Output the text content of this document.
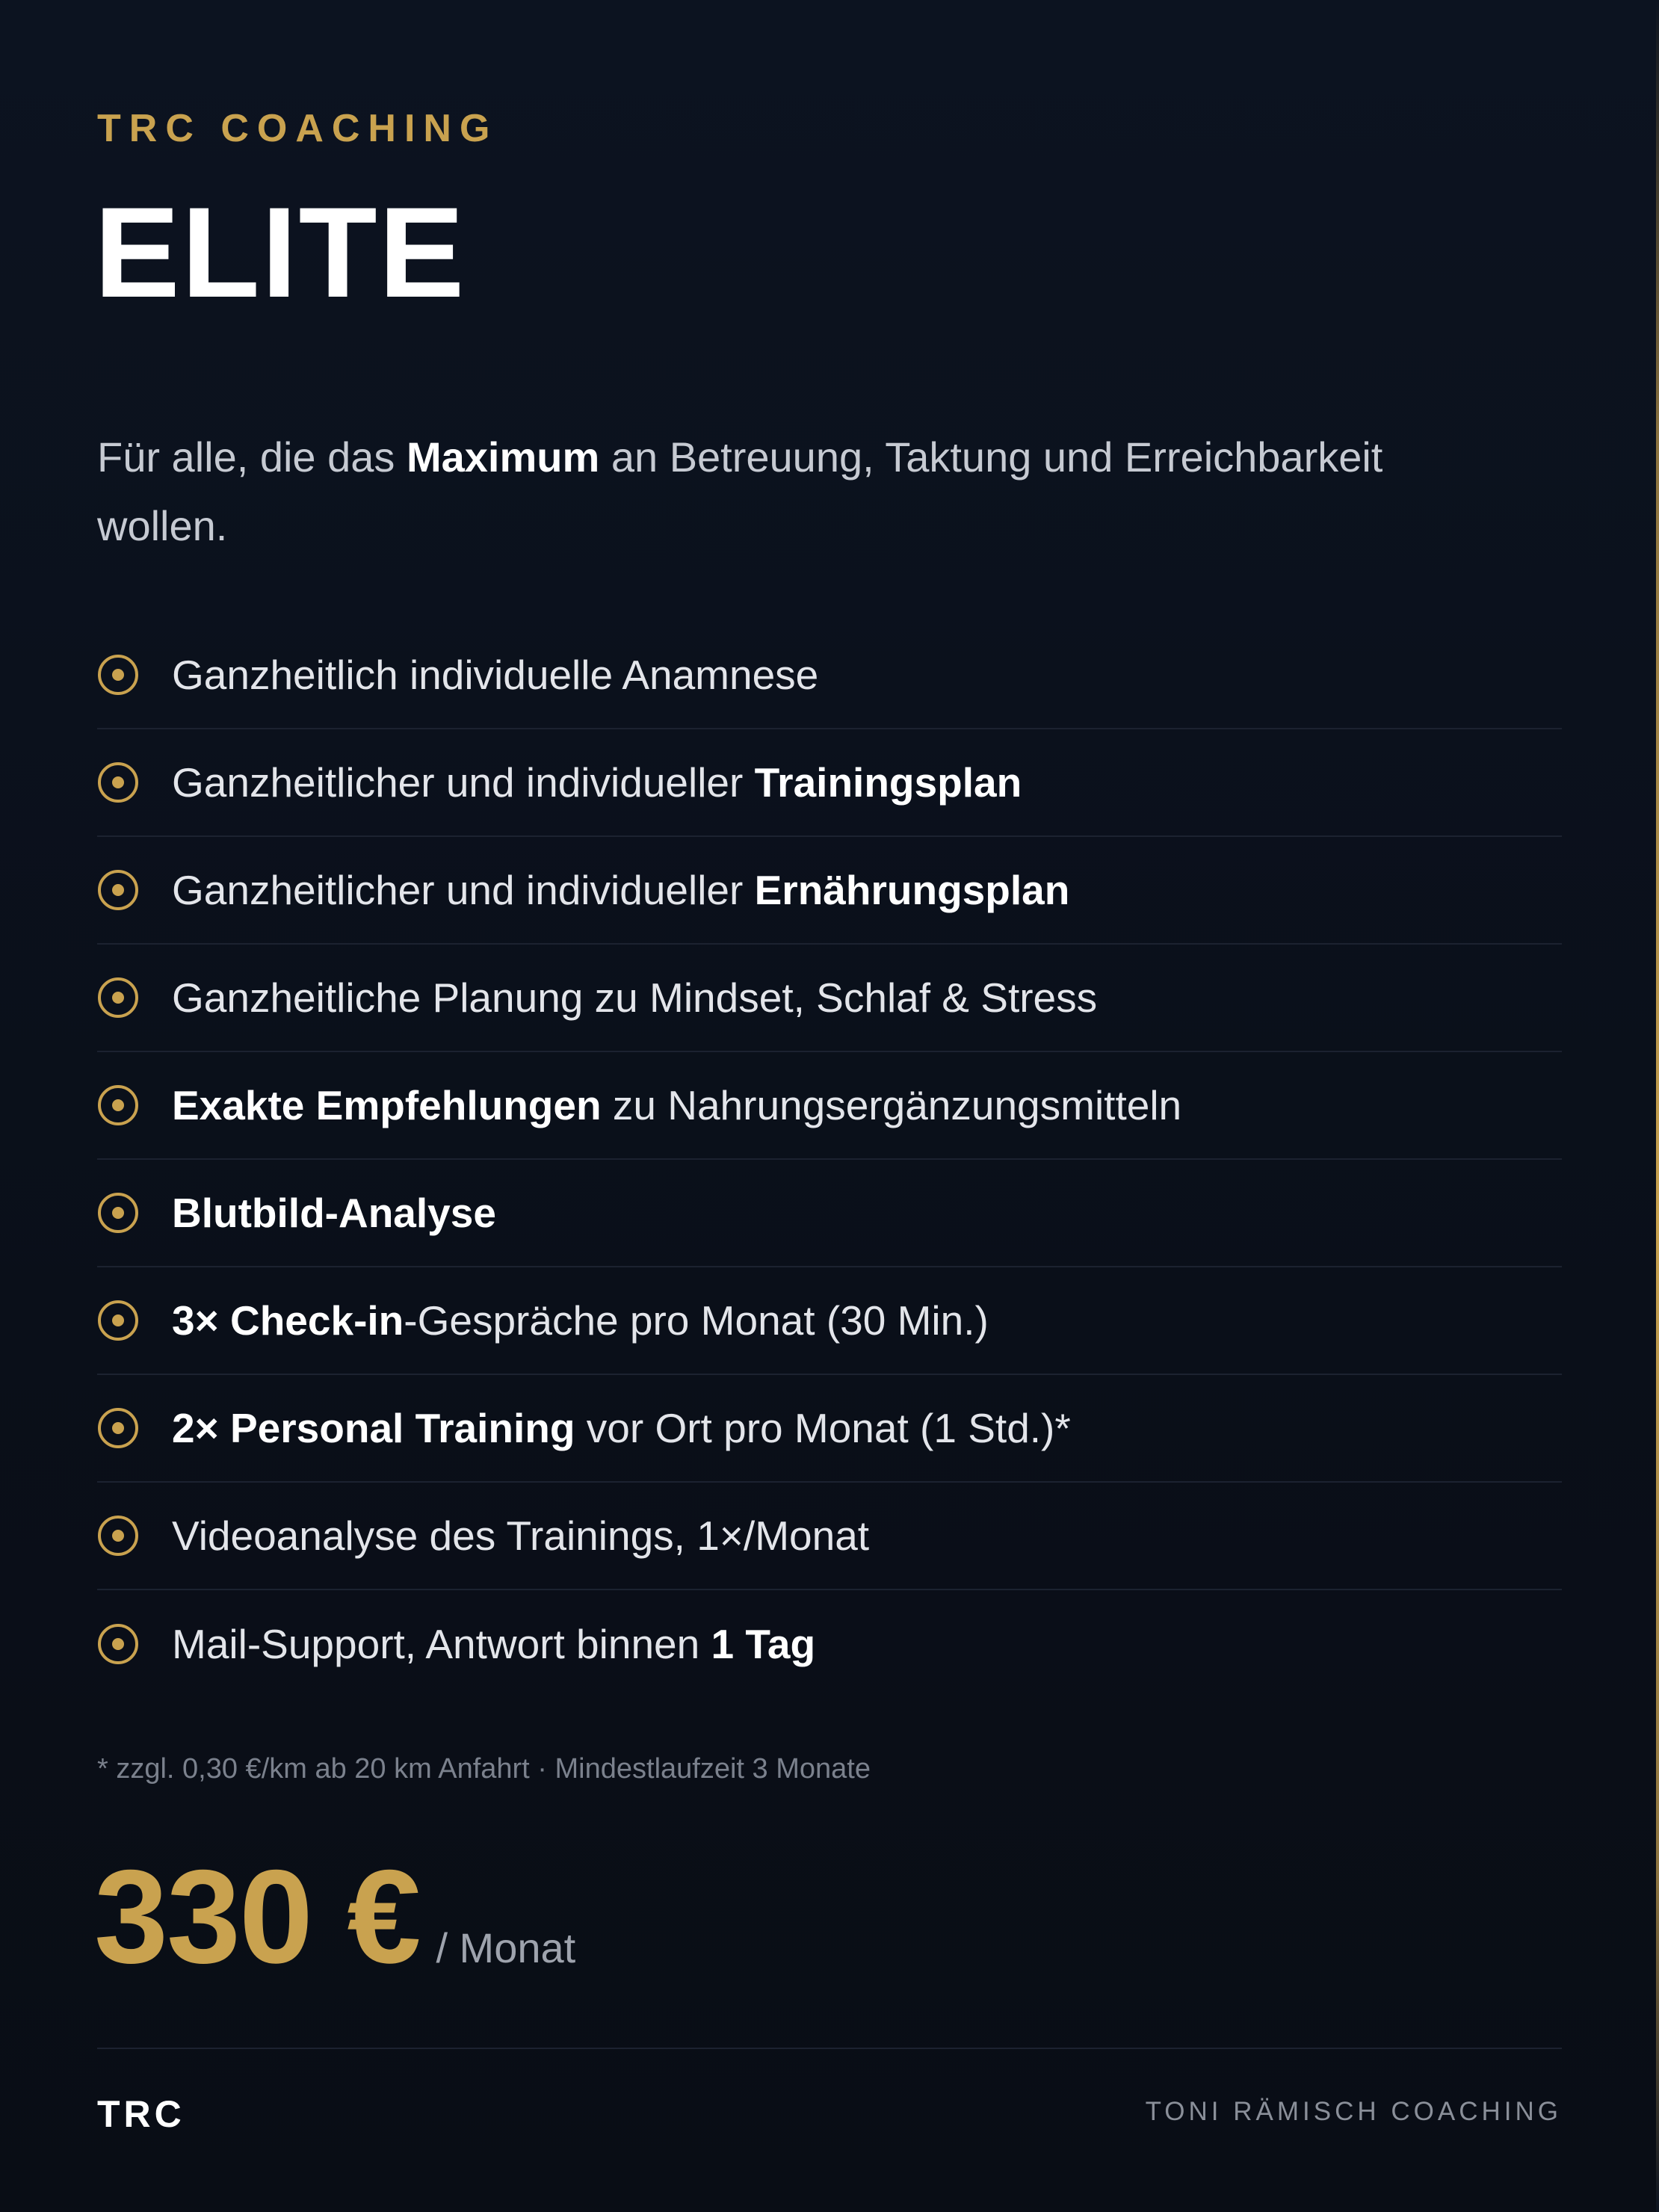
TRC COACHING
ELITE
Für alle, die das Maximum an Betreuung, Taktung und Erreichbarkeit wollen.
Ganzheitlich individuelle Anamnese
Ganzheitlicher und individueller Trainingsplan
Ganzheitlicher und individueller Ernährungsplan
Ganzheitliche Planung zu Mindset, Schlaf & Stress
Exakte Empfehlungen zu Nahrungsergänzungsmitteln
Blutbild-Analyse
3× Check-in-Gespräche pro Monat (30 Min.)
2× Personal Training vor Ort pro Monat (1 Std.)*
Videoanalyse des Trainings, 1×/Monat
Mail-Support, Antwort binnen 1 Tag
* zzgl. 0,30 €/km ab 20 km Anfahrt · Mindestlaufzeit 3 Monate
330 € / Monat
TRC	TONI RÄMISCH COACHING
